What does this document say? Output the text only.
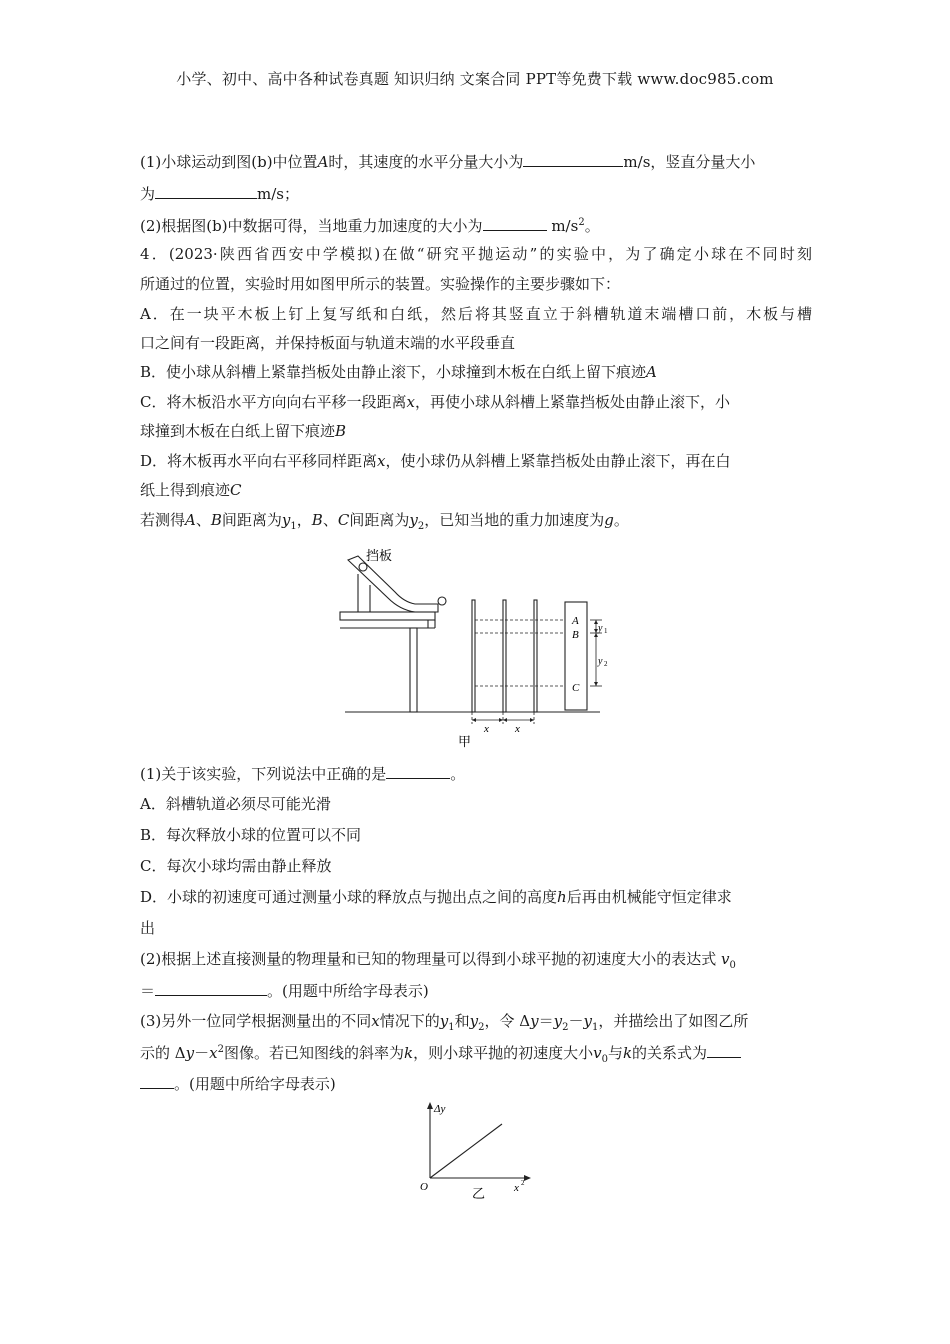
小学、初中、高中各种试卷真题 知识归纳 文案合同 PPT等免费下载 www.doc985.com
(1)小球运动到图(b)中位置A时，其速度的水平分量大小为	m/s，竖直分量大小
为	m/s；
(2)根据图(b)中数据可得，当地重力加速度的大小为	$m/s^2$。
4．(2023·陕西省西安中学模拟)在做“研究平抛运动”的实验中，为了确定小球在不同时刻
所通过的位置，实验时用如图甲所示的装置。实验操作的主要步骤如下：
A．在一块平木板上钉上复写纸和白纸，然后将其竖直立于斜槽轨道末端槽口前，木板与槽
口之间有一段距离，并保持板面与轨道末端的水平段垂直
B．使小球从斜槽上紧靠挡板处由静止滚下，小球撞到木板在白纸上留下痕迹A
C．将木板沿水平方向向右平移一段距离x，再使小球从斜槽上紧靠挡板处由静止滚下，小
球撞到木板在白纸上留下痕迹B
D．将木板再水平向右平移同样距离x，使小球仍从斜槽上紧靠挡板处由静止滚下，再在白
纸上得到痕迹C
若测得A、B间距离为$y_1$，B、C间距离为$y_2$，已知当地的重力加速度为g。
挡板
A
B
C
y 1
y 2
x x
甲
(1)关于该实验，下列说法中正确的是	。
A．斜槽轨道必须尽可能光滑
B．每次释放小球的位置可以不同
C．每次小球均需由静止释放
D．小球的初速度可通过测量小球的释放点与抛出点之间的高度h后再由机械能守恒定律求
出
(2)根据上述直接测量的物理量和已知的物理量可以得到小球平抛的初速度大小的表达式 $v_0$
＝	。(用题中所给字母表示)
(3)另外一位同学根据测量出的不同x情况下的$y_1$和$y_2$，令 $\Delta y=y_2-y_1$，并描绘出了如图乙所
示的 $\Delta y-x^2$图像。若已知图线的斜率为k，则小球平抛的初速度大小$v_0$与k的关系式为
。(用题中所给字母表示)
Δy
x 2
O	乙
